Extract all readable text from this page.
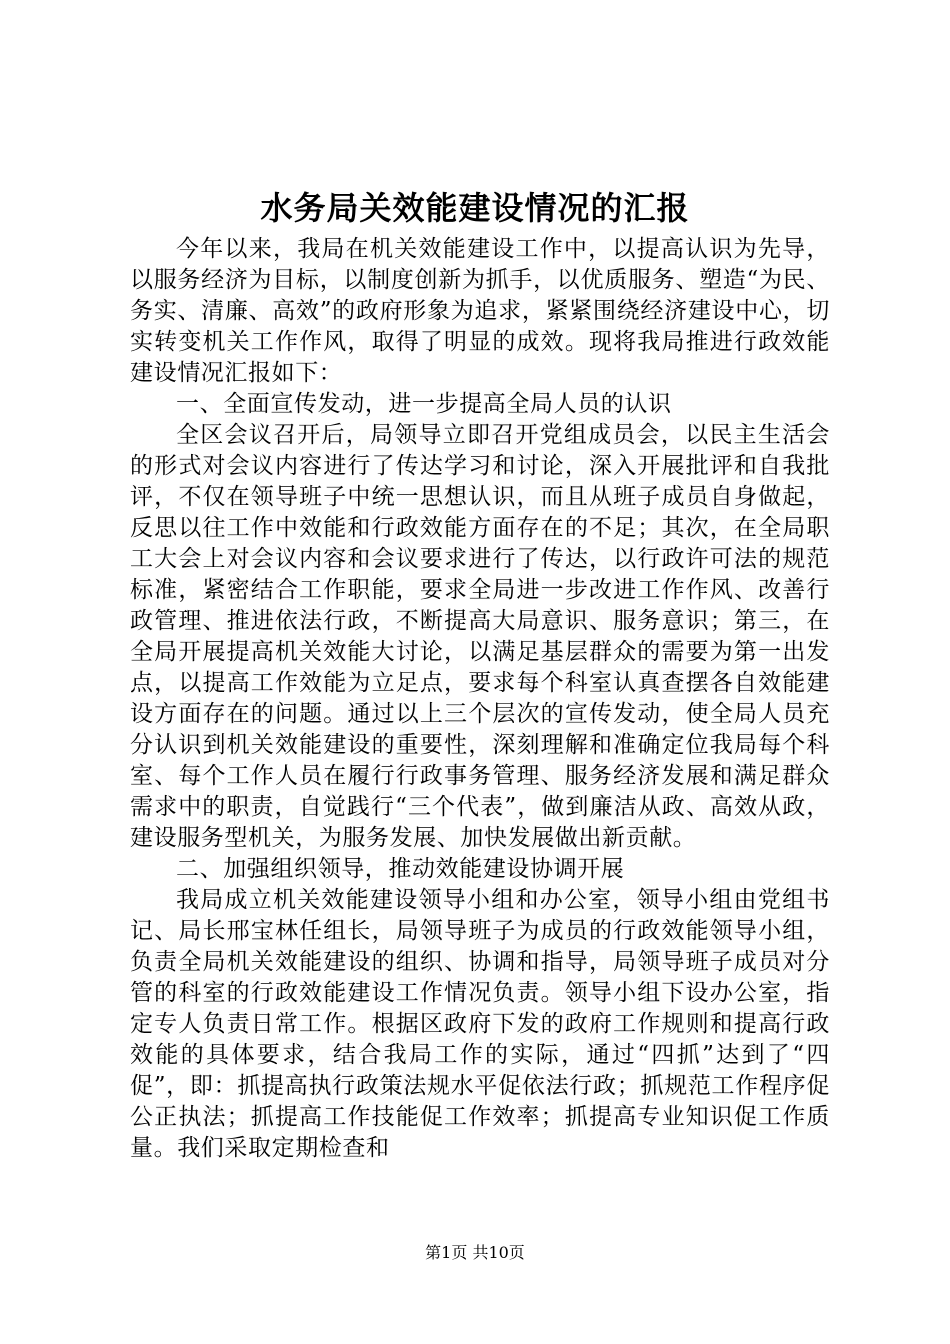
水务局关效能建设情况的汇报

今年以来，我局在机关效能建设工作中，以提高认识为先导，以服务经济为目标，以制度创新为抓手，以优质服务、塑造“为民、务实、清廉、高效”的政府形象为追求，紧紧围绕经济建设中心，切实转变机关工作作风，取得了明显的成效。现将我局推进行政效能建设情况汇报如下：

一、全面宣传发动，进一步提高全局人员的认识

全区会议召开后，局领导立即召开党组成员会，以民主生活会的形式对会议内容进行了传达学习和讨论，深入开展批评和自我批评，不仅在领导班子中统一思想认识，而且从班子成员自身做起，反思以往工作中效能和行政效能方面存在的不足；其次，在全局职工大会上对会议内容和会议要求进行了传达，以行政许可法的规范标准，紧密结合工作职能，要求全局进一步改进工作作风、改善行政管理、推进依法行政，不断提高大局意识、服务意识；第三，在全局开展提高机关效能大讨论，以满足基层群众的需要为第一出发点，以提高工作效能为立足点，要求每个科室认真查摆各自效能建设方面存在的问题。通过以上三个层次的宣传发动，使全局人员充分认识到机关效能建设的重要性，深刻理解和准确定位我局每个科室、每个工作人员在履行行政事务管理、服务经济发展和满足群众需求中的职责，自觉践行“三个代表”，做到廉洁从政、高效从政，建设服务型机关，为服务发展、加快发展做出新贡献。

二、加强组织领导，推动效能建设协调开展

我局成立机关效能建设领导小组和办公室，领导小组由党组书记、局长邢宝林任组长，局领导班子为成员的行政效能领导小组，负责全局机关效能建设的组织、协调和指导，局领导班子成员对分管的科室的行政效能建设工作情况负责。领导小组下设办公室，指定专人负责日常工作。根据区政府下发的政府工作规则和提高行政效能的具体要求，结合我局工作的实际，通过“四抓”达到了“四促”，即：抓提高执行政策法规水平促依法行政；抓规范工作程序促公正执法；抓提高工作技能促工作效率；抓提高专业知识促工作质量。我们采取定期检查和

第1页 共10页
